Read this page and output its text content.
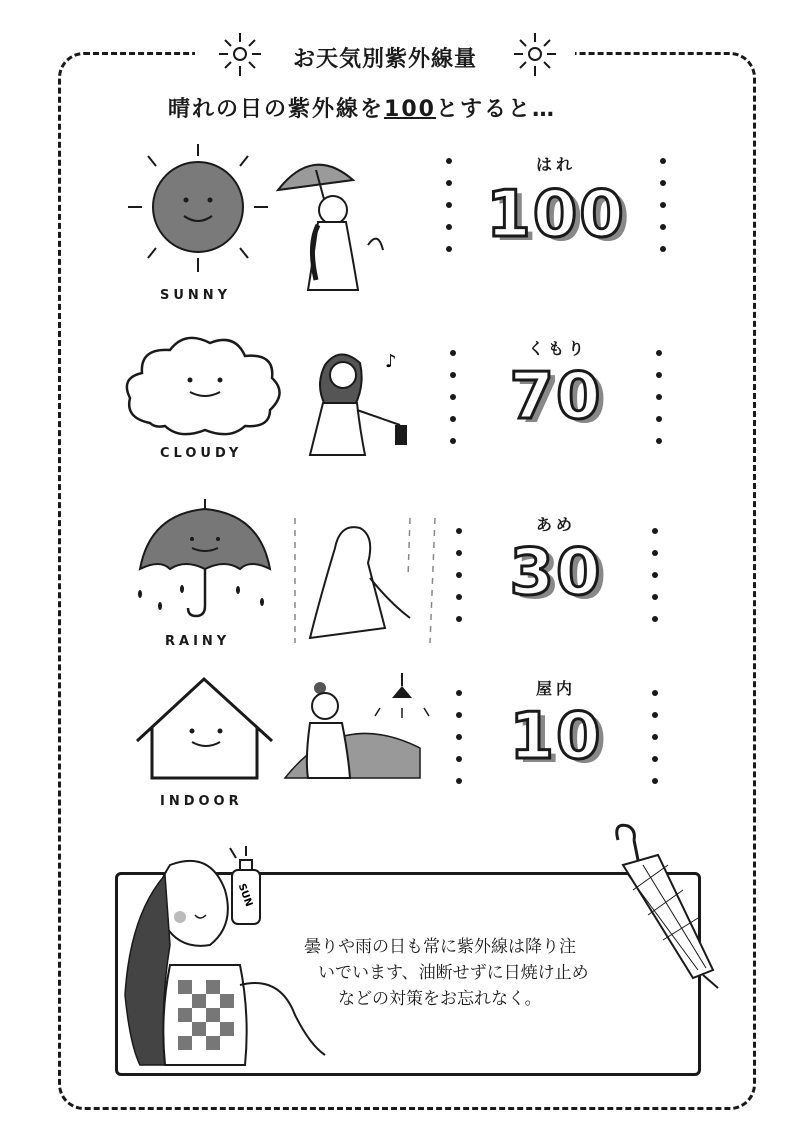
お天気別紫外線量
晴れの日の紫外線を100とすると…
SUNNY
CLOUDY
♪
RAINY
INDOOR
はれ
100
くもり
70
あめ
30
屋内
10
SUN
曇りや雨の日も常に紫外線は降り注
いでいます、油断せずに日焼け止め
などの対策をお忘れなく。
